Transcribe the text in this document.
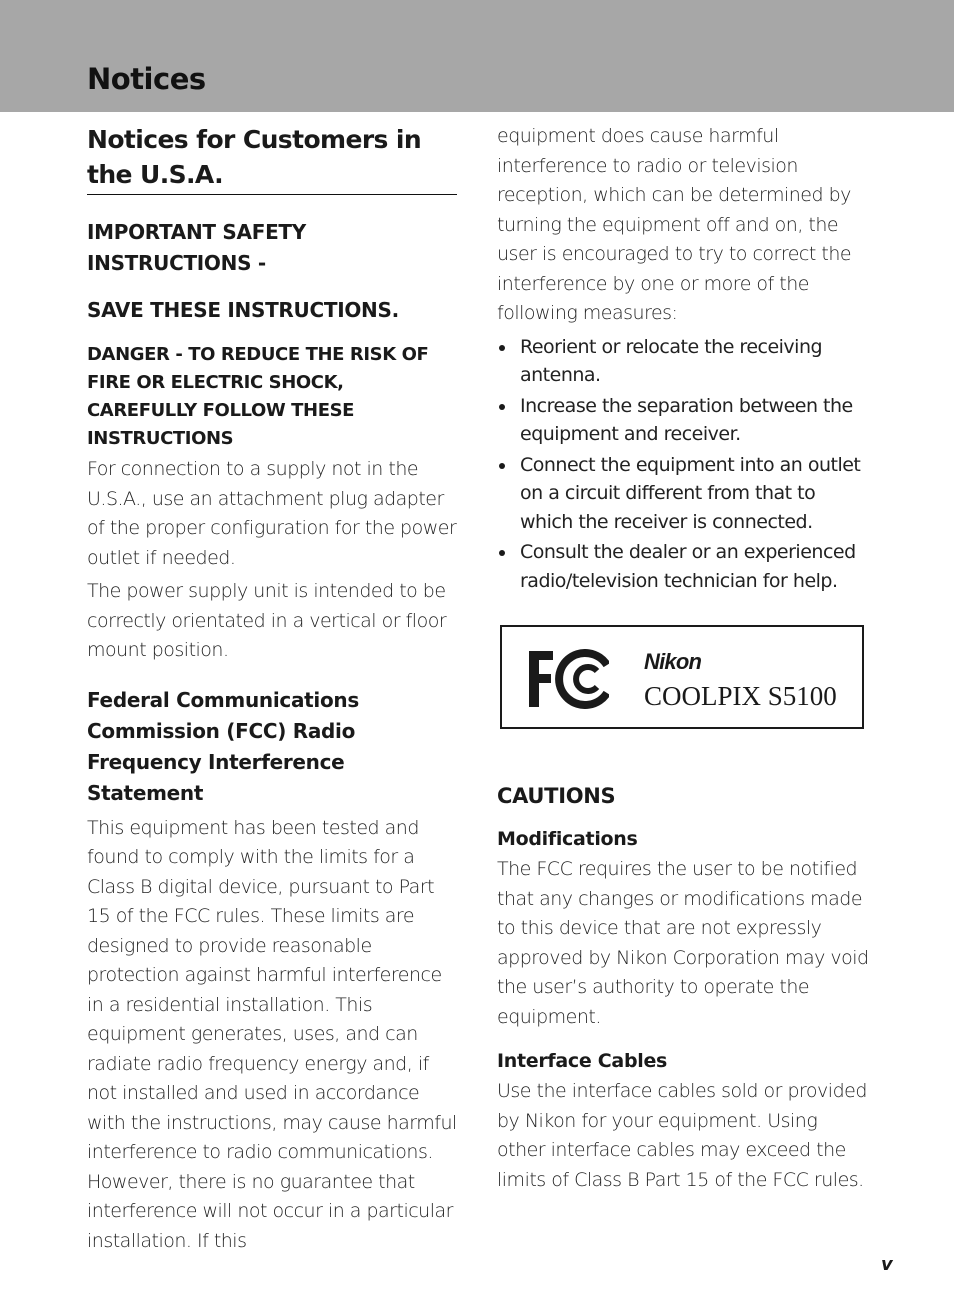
Notices
Notices for Customers in the U.S.A.
IMPORTANT SAFETY INSTRUCTIONS -
SAVE THESE INSTRUCTIONS.
DANGER - TO REDUCE THE RISK OF FIRE OR ELECTRIC SHOCK, CAREFULLY FOLLOW THESE INSTRUCTIONS

For connection to a supply not in the U.S.A., use an attachment plug adapter of the proper configuration for the power outlet if needed.

The power supply unit is intended to be correctly orientated in a vertical or floor mount position.

Federal Communications Commission (FCC) Radio Frequency Interference Statement

This equipment has been tested and found to comply with the limits for a Class B digital device, pursuant to Part 15 of the FCC rules. These limits are designed to provide reasonable protection against harmful interference in a residential installation. This equipment generates, uses, and can radiate radio frequency energy and, if not installed and used in accordance with the instructions, may cause harmful interference to radio communications. However, there is no guarantee that interference will not occur in a particular installation. If this

equipment does cause harmful interference to radio or television reception, which can be determined by turning the equipment off and on, the user is encouraged to try to correct the interference by one or more of the following measures:

Reorient or relocate the receiving antenna.
Increase the separation between the equipment and receiver.
Connect the equipment into an outlet on a circuit different from that to which the receiver is connected.
Consult the dealer or an experienced radio/television technician for help.
Nikon
COOLPIX S5100
CAUTIONS
Modifications

The FCC requires the user to be notified that any changes or modifications made to this device that are not expressly approved by Nikon Corporation may void the user’s authority to operate the equipment.

Interface Cables

Use the interface cables sold or provided by Nikon for your equipment. Using other interface cables may exceed the limits of Class B Part 15 of the FCC rules.

v
